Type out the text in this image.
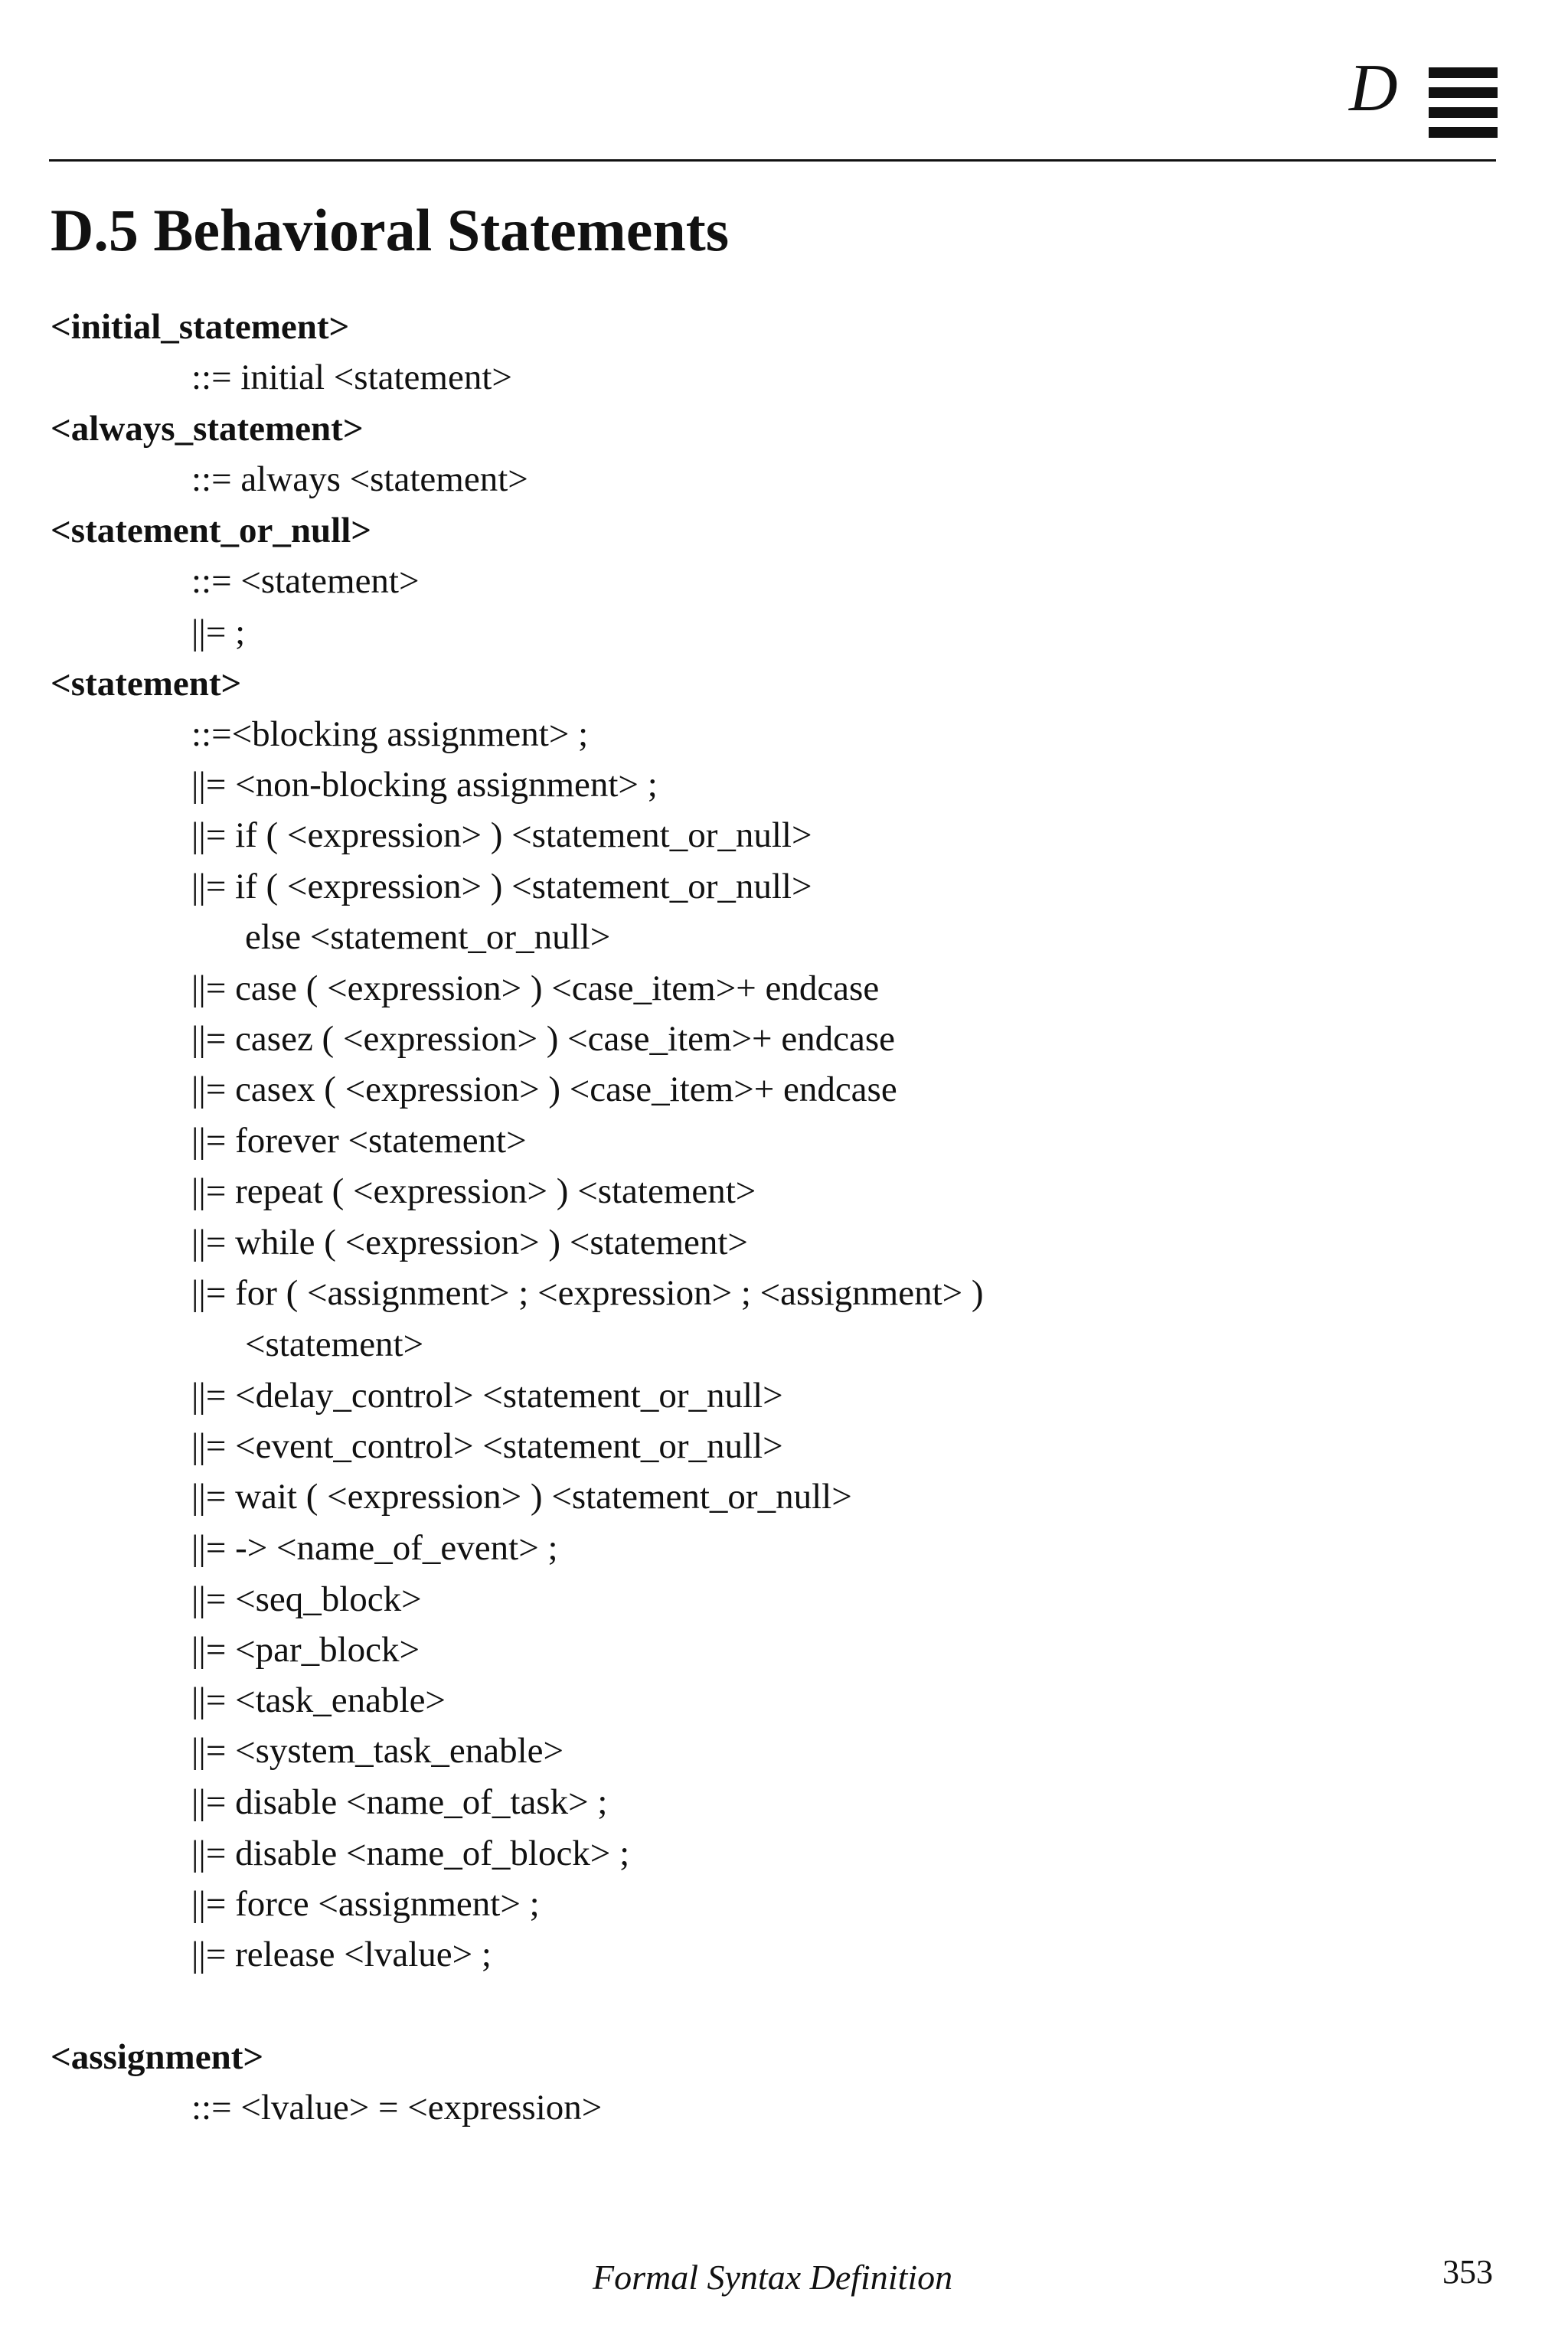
D
D.5 Behavioral Statements
<initial_statement>
::= initial <statement>
<always_statement>
::= always <statement>
<statement_or_null>
::= <statement>
||= ;
<statement>
::=<blocking assignment> ;
||= <non-blocking assignment> ;
||= if ( <expression> ) <statement_or_null>
||= if ( <expression> ) <statement_or_null>
else <statement_or_null>
||= case ( <expression> ) <case_item>+ endcase
||= casez ( <expression> ) <case_item>+ endcase
||= casex ( <expression> ) <case_item>+ endcase
||= forever <statement>
||= repeat ( <expression> ) <statement>
||= while ( <expression> ) <statement>
||= for ( <assignment> ; <expression> ; <assignment> )
<statement>
||= <delay_control> <statement_or_null>
||= <event_control> <statement_or_null>
||= wait ( <expression> ) <statement_or_null>
||= -> <name_of_event> ;
||= <seq_block>
||= <par_block>
||= <task_enable>
||= <system_task_enable>
||= disable <name_of_task> ;
||= disable <name_of_block> ;
||= force <assignment> ;
||= release <lvalue> ;
<assignment>
::= <lvalue> = <expression>
Formal Syntax Definition	353
